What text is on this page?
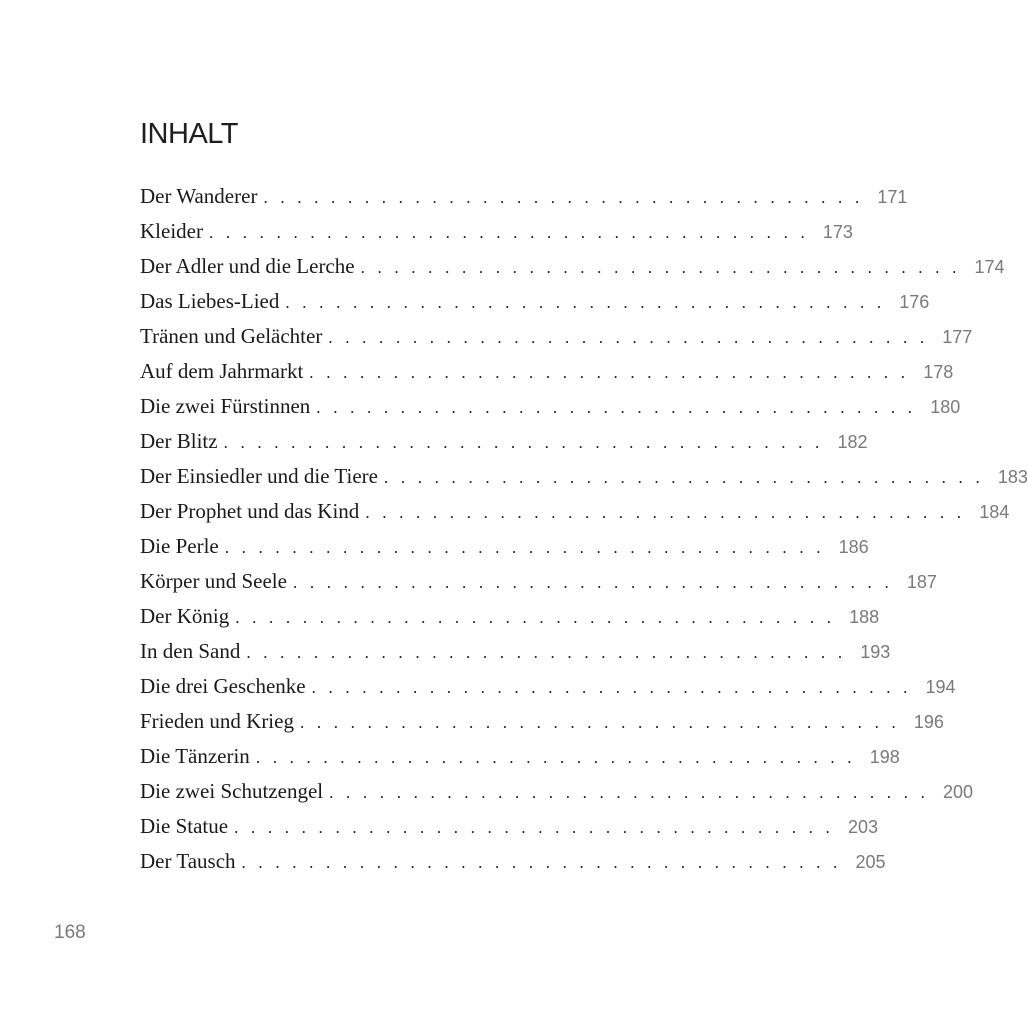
INHALT
Der Wanderer . . . . . . . . . . . . . . . . . . . . . . . . . . . . . . . . . . . . 171
Kleider . . . . . . . . . . . . . . . . . . . . . . . . . . . . . . . . . . . . 173
Der Adler und die Lerche . . . . . . . . . . . . . . . . . . . . . . . . . . . . . . . . . . . . 174
Das Liebes-Lied . . . . . . . . . . . . . . . . . . . . . . . . . . . . . . . . . . . . 176
Tränen und Gelächter . . . . . . . . . . . . . . . . . . . . . . . . . . . . . . . . . . . . 177
Auf dem Jahrmarkt . . . . . . . . . . . . . . . . . . . . . . . . . . . . . . . . . . . . 178
Die zwei Fürstinnen . . . . . . . . . . . . . . . . . . . . . . . . . . . . . . . . . . . . 180
Der Blitz . . . . . . . . . . . . . . . . . . . . . . . . . . . . . . . . . . . . 182
Der Einsiedler und die Tiere . . . . . . . . . . . . . . . . . . . . . . . . . . . . . . . . . . . . 183
Der Prophet und das Kind . . . . . . . . . . . . . . . . . . . . . . . . . . . . . . . . . . . . 184
Die Perle . . . . . . . . . . . . . . . . . . . . . . . . . . . . . . . . . . . . 186
Körper und Seele . . . . . . . . . . . . . . . . . . . . . . . . . . . . . . . . . . . . 187
Der König . . . . . . . . . . . . . . . . . . . . . . . . . . . . . . . . . . . . 188
In den Sand . . . . . . . . . . . . . . . . . . . . . . . . . . . . . . . . . . . . 193
Die drei Geschenke . . . . . . . . . . . . . . . . . . . . . . . . . . . . . . . . . . . . 194
Frieden und Krieg . . . . . . . . . . . . . . . . . . . . . . . . . . . . . . . . . . . . 196
Die Tänzerin . . . . . . . . . . . . . . . . . . . . . . . . . . . . . . . . . . . . 198
Die zwei Schutzengel . . . . . . . . . . . . . . . . . . . . . . . . . . . . . . . . . . . . 200
Die Statue . . . . . . . . . . . . . . . . . . . . . . . . . . . . . . . . . . . . 203
Der Tausch . . . . . . . . . . . . . . . . . . . . . . . . . . . . . . . . . . . . 205

168
